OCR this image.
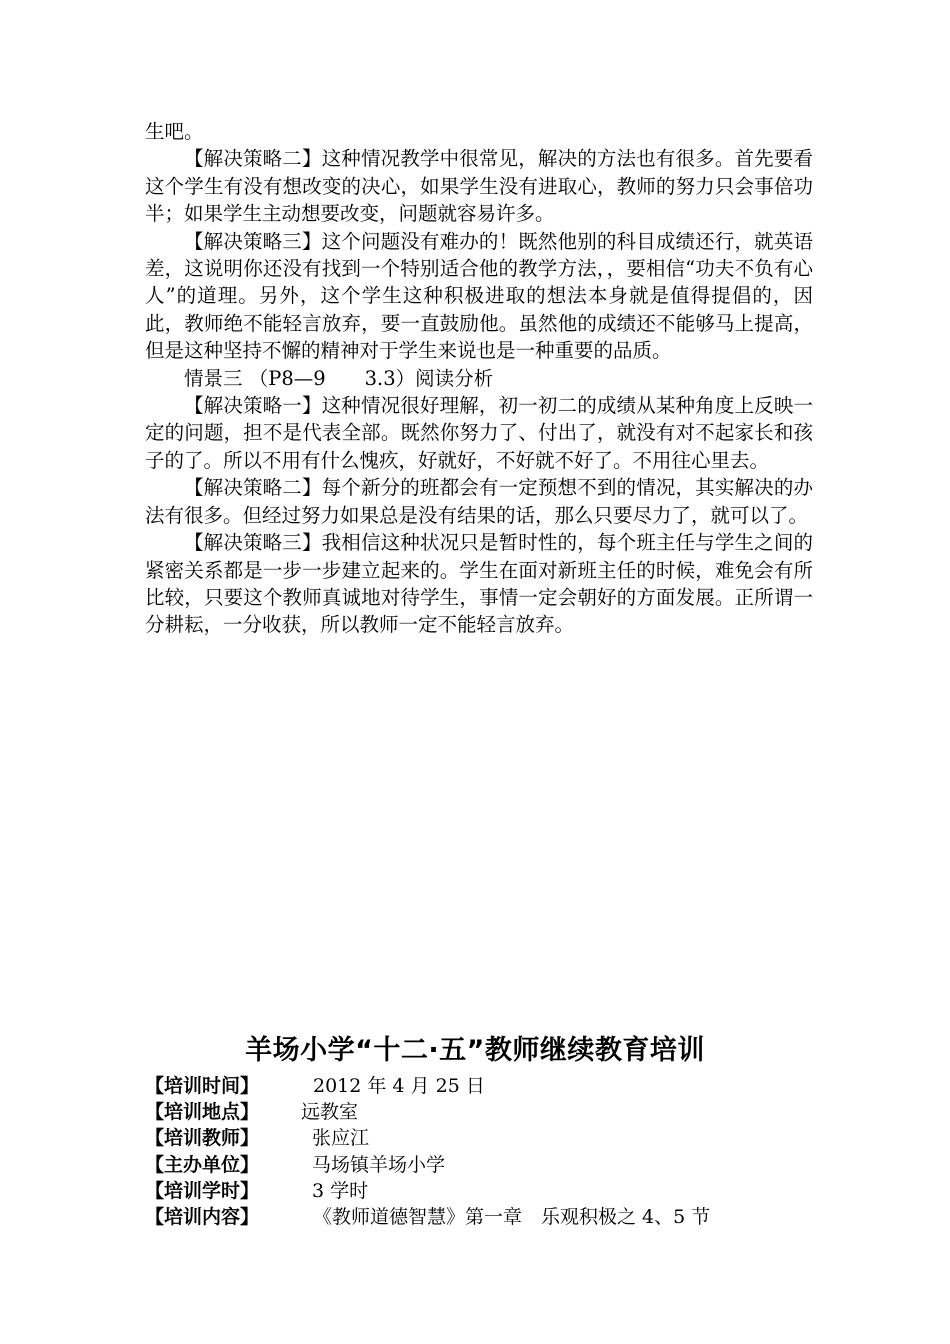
生吧。

【解决策略二】这种情况教学中很常见，解决的方法也有很多。首先要看这个学生有没有想改变的决心，如果学生没有进取心，教师的努力只会事倍功半；如果学生主动想要改变，问题就容易许多。

【解决策略三】这个问题没有难办的！既然他别的科目成绩还行，就英语差，这说明你还没有找到一个特别适合他的教学方法，，要相信“功夫不负有心人”的道理。另外，这个学生这种积极进取的想法本身就是值得提倡的，因此，教师绝不能轻言放弃，要一直鼓励他。虽然他的成绩还不能够马上提高，但是这种坚持不懈的精神对于学生来说也是一种重要的品质。

情景三 （P8—9　　3.3）阅读分析

【解决策略一】这种情况很好理解，初一初二的成绩从某种角度上反映一定的问题，担不是代表全部。既然你努力了、付出了，就没有对不起家长和孩子的了。所以不用有什么愧疚，好就好，不好就不好了。不用往心里去。

【解决策略二】每个新分的班都会有一定预想不到的情况，其实解决的办法有很多。但经过努力如果总是没有结果的话，那么只要尽力了，就可以了。

【解决策略三】我相信这种状况只是暂时性的，每个班主任与学生之间的紧密关系都是一步一步建立起来的。学生在面对新班主任的时候，难免会有所比较，只要这个教师真诚地对待学生，事情一定会朝好的方面发展。正所谓一分耕耘，一分收获，所以教师一定不能轻言放弃。

羊场小学“十二·五”教师继续教育培训
【培训时间】	2012 年 4 月 25 日
【培训地点】 远教室
【培训教师】	张应江
【主办单位】	马场镇羊场小学
【培训学时】	3 学时
【培训内容】	《教师道德智慧》第一章　乐观积极之 4、5 节
